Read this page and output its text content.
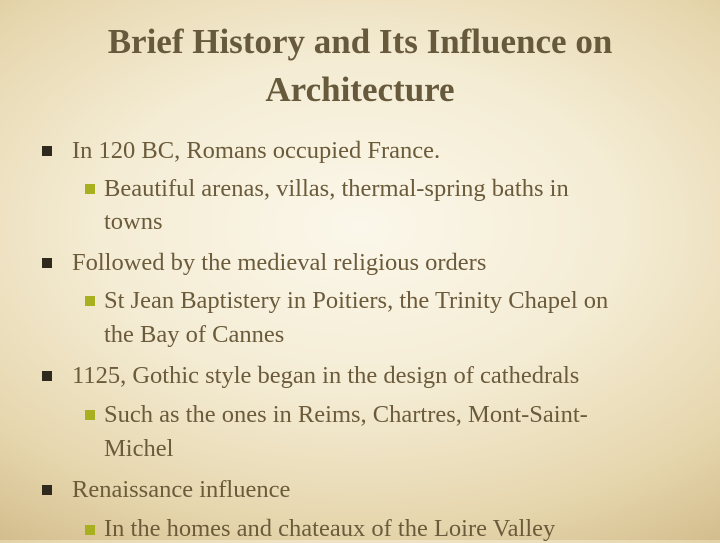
Brief History and Its Influence on
Architecture
In 120 BC, Romans occupied France.
Beautiful arenas, villas, thermal-spring baths in
towns
Followed by the medieval religious orders
St Jean Baptistery in Poitiers, the Trinity Chapel on
the Bay of Cannes
1125, Gothic style began in the design of cathedrals
Such as the ones in Reims, Chartres, Mont-Saint-
Michel
Renaissance influence
In the homes and chateaux of the Loire Valley
